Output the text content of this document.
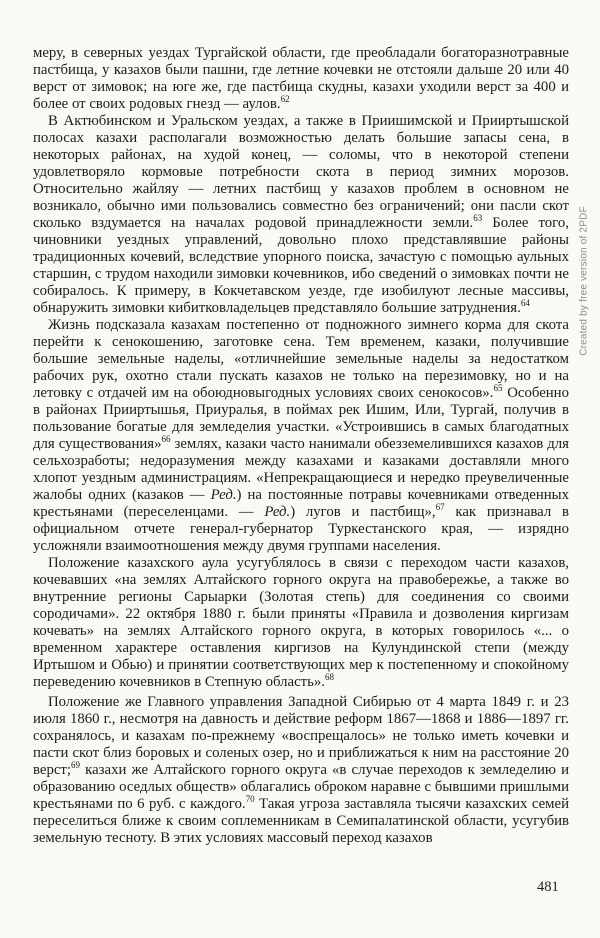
меру, в северных уездах Тургайской области, где преобладали богаторазнотравные пастбища, у казахов были пашни, где летние кочевки не отстояли дальше 20 или 40 верст от зимовок; на юге же, где пастбища скудны, казахи уходили верст за 400 и более от своих родовых гнезд — аулов.$^{62}$

В Актюбинском и Уральском уездах, а также в Приишимской и Прииртышской полосах казахи располагали возможностью делать большие запасы сена, в некоторых районах, на худой конец, — соломы, что в некоторой степени удовлетворяло кормовые потребности скота в период зимних морозов. Относительно жайляу — летних пастбищ у казахов проблем в основном не возникало, обычно ими пользовались совместно без ограничений; они пасли скот сколько вздумается на началах родовой принадлежности земли.$^{63}$ Более того, чиновники уездных управлений, довольно плохо представлявшие районы традиционных кочевий, вследствие упорного поиска, зачастую с помощью аульных старшин, с трудом находили зимовки кочевников, ибо сведений о зимовках почти не собиралось. К примеру, в Кокчетавском уезде, где изобилуют лесные массивы, обнаружить зимовки кибитковладельцев представляло большие затруднения.$^{64}$

Жизнь подсказала казахам постепенно от подножного зимнего корма для скота перейти к сенокошению, заготовке сена. Тем временем, казаки, получившие большие земельные наделы, «отличнейшие земельные наделы за недостатком рабочих рук, охотно стали пускать казахов не только на перезимовку, но и на летовку с отдачей им на обоюдновыгодных условиях своих сенокосов».$^{65}$ Особенно в районах Прииртышья, Приуралья, в поймах рек Ишим, Или, Тургай, получив в пользование богатые для земледелия участки. «Устроившись в самых благодатных для существования»$^{66}$ землях, казаки часто нанимали обезземелившихся казахов для сельхозработы; недоразумения между казахами и казаками доставляли много хлопот уездным администрациям. «Непрекращающиеся и нередко преувеличенные жалобы одних (казаков — Ред.) на постоянные потравы кочевниками отведенных крестьянами (переселенцами. — Ред.) лугов и пастбищ»,$^{67}$ как признавал в официальном отчете генерал-губернатор Туркестанского края, — изрядно усложняли взаимоотношения между двумя группами населения.

Положение казахского аула усугублялось в связи с переходом части казахов, кочевавших «на землях Алтайского горного округа на правобережье, а также во внутренние регионы Сарыарки (Золотая степь) для соединения со своими сородичами». 22 октября 1880 г. были приняты «Правила и дозволения киргизам кочевать» на землях Алтайского горного округа, в которых говорилось «... о временном характере оставления киргизов на Кулундинской степи (между Иртышом и Обью) и принятии соответствующих мер к постепенному и спокойному переведению кочевников в Степную область».$^{68}$

Положение же Главного управления Западной Сибирью от 4 марта 1849 г. и 23 июля 1860 г., несмотря на давность и действие реформ 1867—1868 и 1886—1897 гг. сохранялось, и казахам по-прежнему «воспрещалось» не только иметь кочевки и пасти скот близ боровых и соленых озер, но и приближаться к ним на расстояние 20 верст;$^{69}$ казахи же Алтайского горного округа «в случае переходов к земледелию и образованию оседлых обществ» облагались оброком наравне с бывшими пришлыми крестьянами по 6 руб. с каждого.$^{70}$ Такая угроза заставляла тысячи казахских семей переселиться ближе к своим соплеменникам в Семипалатинской области, усугубив земельную тесноту. В этих условиях массовый переход казахов

Created by free version of 2PDF
481
